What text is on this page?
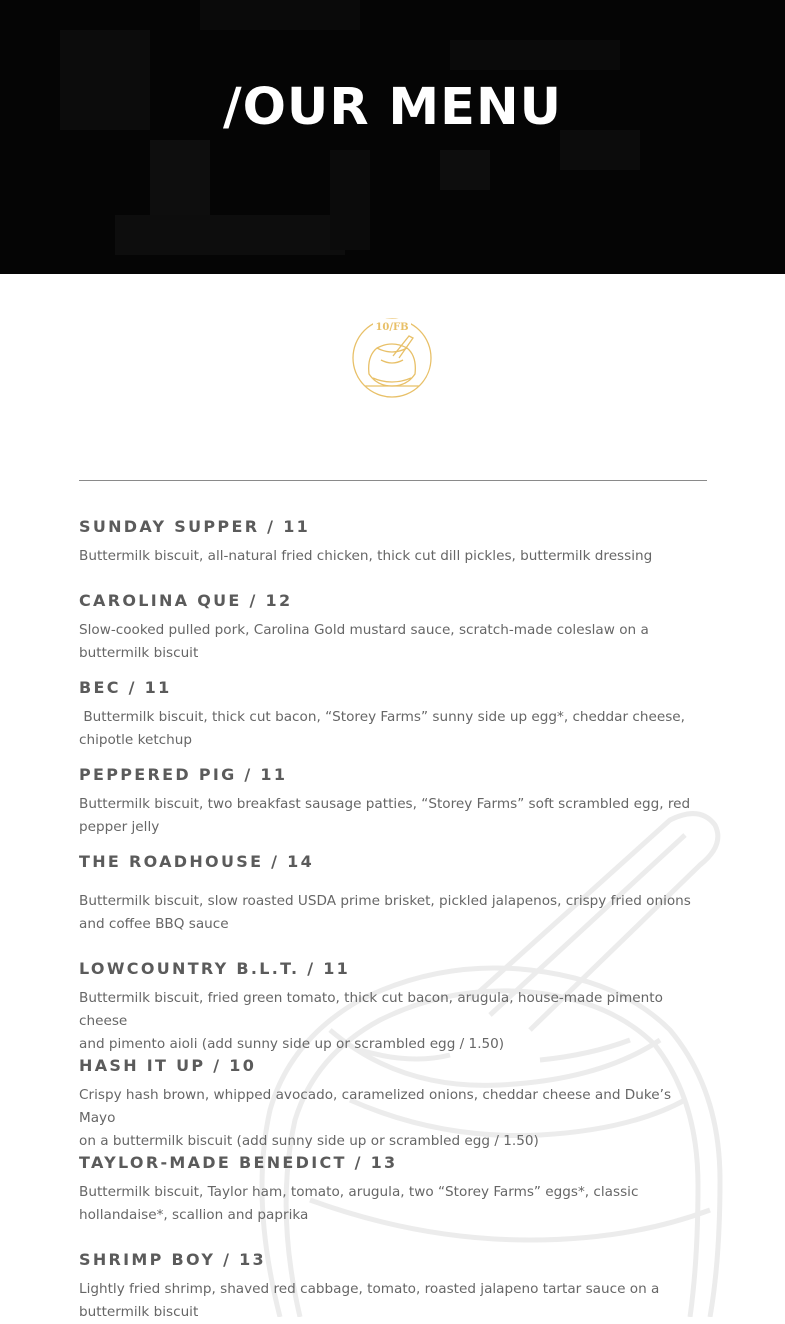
/OUR MENU
10/FB
SUNDAY SUPPER / 11

Buttermilk biscuit, all-natural fried chicken, thick cut dill pickles, buttermilk dressing

CAROLINA QUE / 12

Slow-cooked pulled pork, Carolina Gold mustard sauce, scratch-made coleslaw on a
buttermilk biscuit

BEC / 11

Buttermilk biscuit, thick cut bacon, “Storey Farms” sunny side up egg*, cheddar cheese,
chipotle ketchup

PEPPERED PIG / 11

Buttermilk biscuit, two breakfast sausage patties, “Storey Farms” soft scrambled egg, red
pepper jelly

THE ROADHOUSE / 14

Buttermilk biscuit, slow roasted USDA prime brisket, pickled jalapenos, crispy fried onions
and coffee BBQ sauce

LOWCOUNTRY B.L.T. / 11

Buttermilk biscuit, fried green tomato, thick cut bacon, arugula, house-made pimento cheese
and pimento aioli (add sunny side up or scrambled egg / 1.50)

HASH IT UP / 10

Crispy hash brown, whipped avocado, caramelized onions, cheddar cheese and Duke’s Mayo
on a buttermilk biscuit (add sunny side up or scrambled egg / 1.50)

TAYLOR-MADE BENEDICT / 13

Buttermilk biscuit, Taylor ham, tomato, arugula, two “Storey Farms” eggs*, classic
hollandaise*, scallion and paprika

SHRIMP BOY / 13

Lightly fried shrimp, shaved red cabbage, tomato, roasted jalapeno tartar sauce on a
buttermilk biscuit
